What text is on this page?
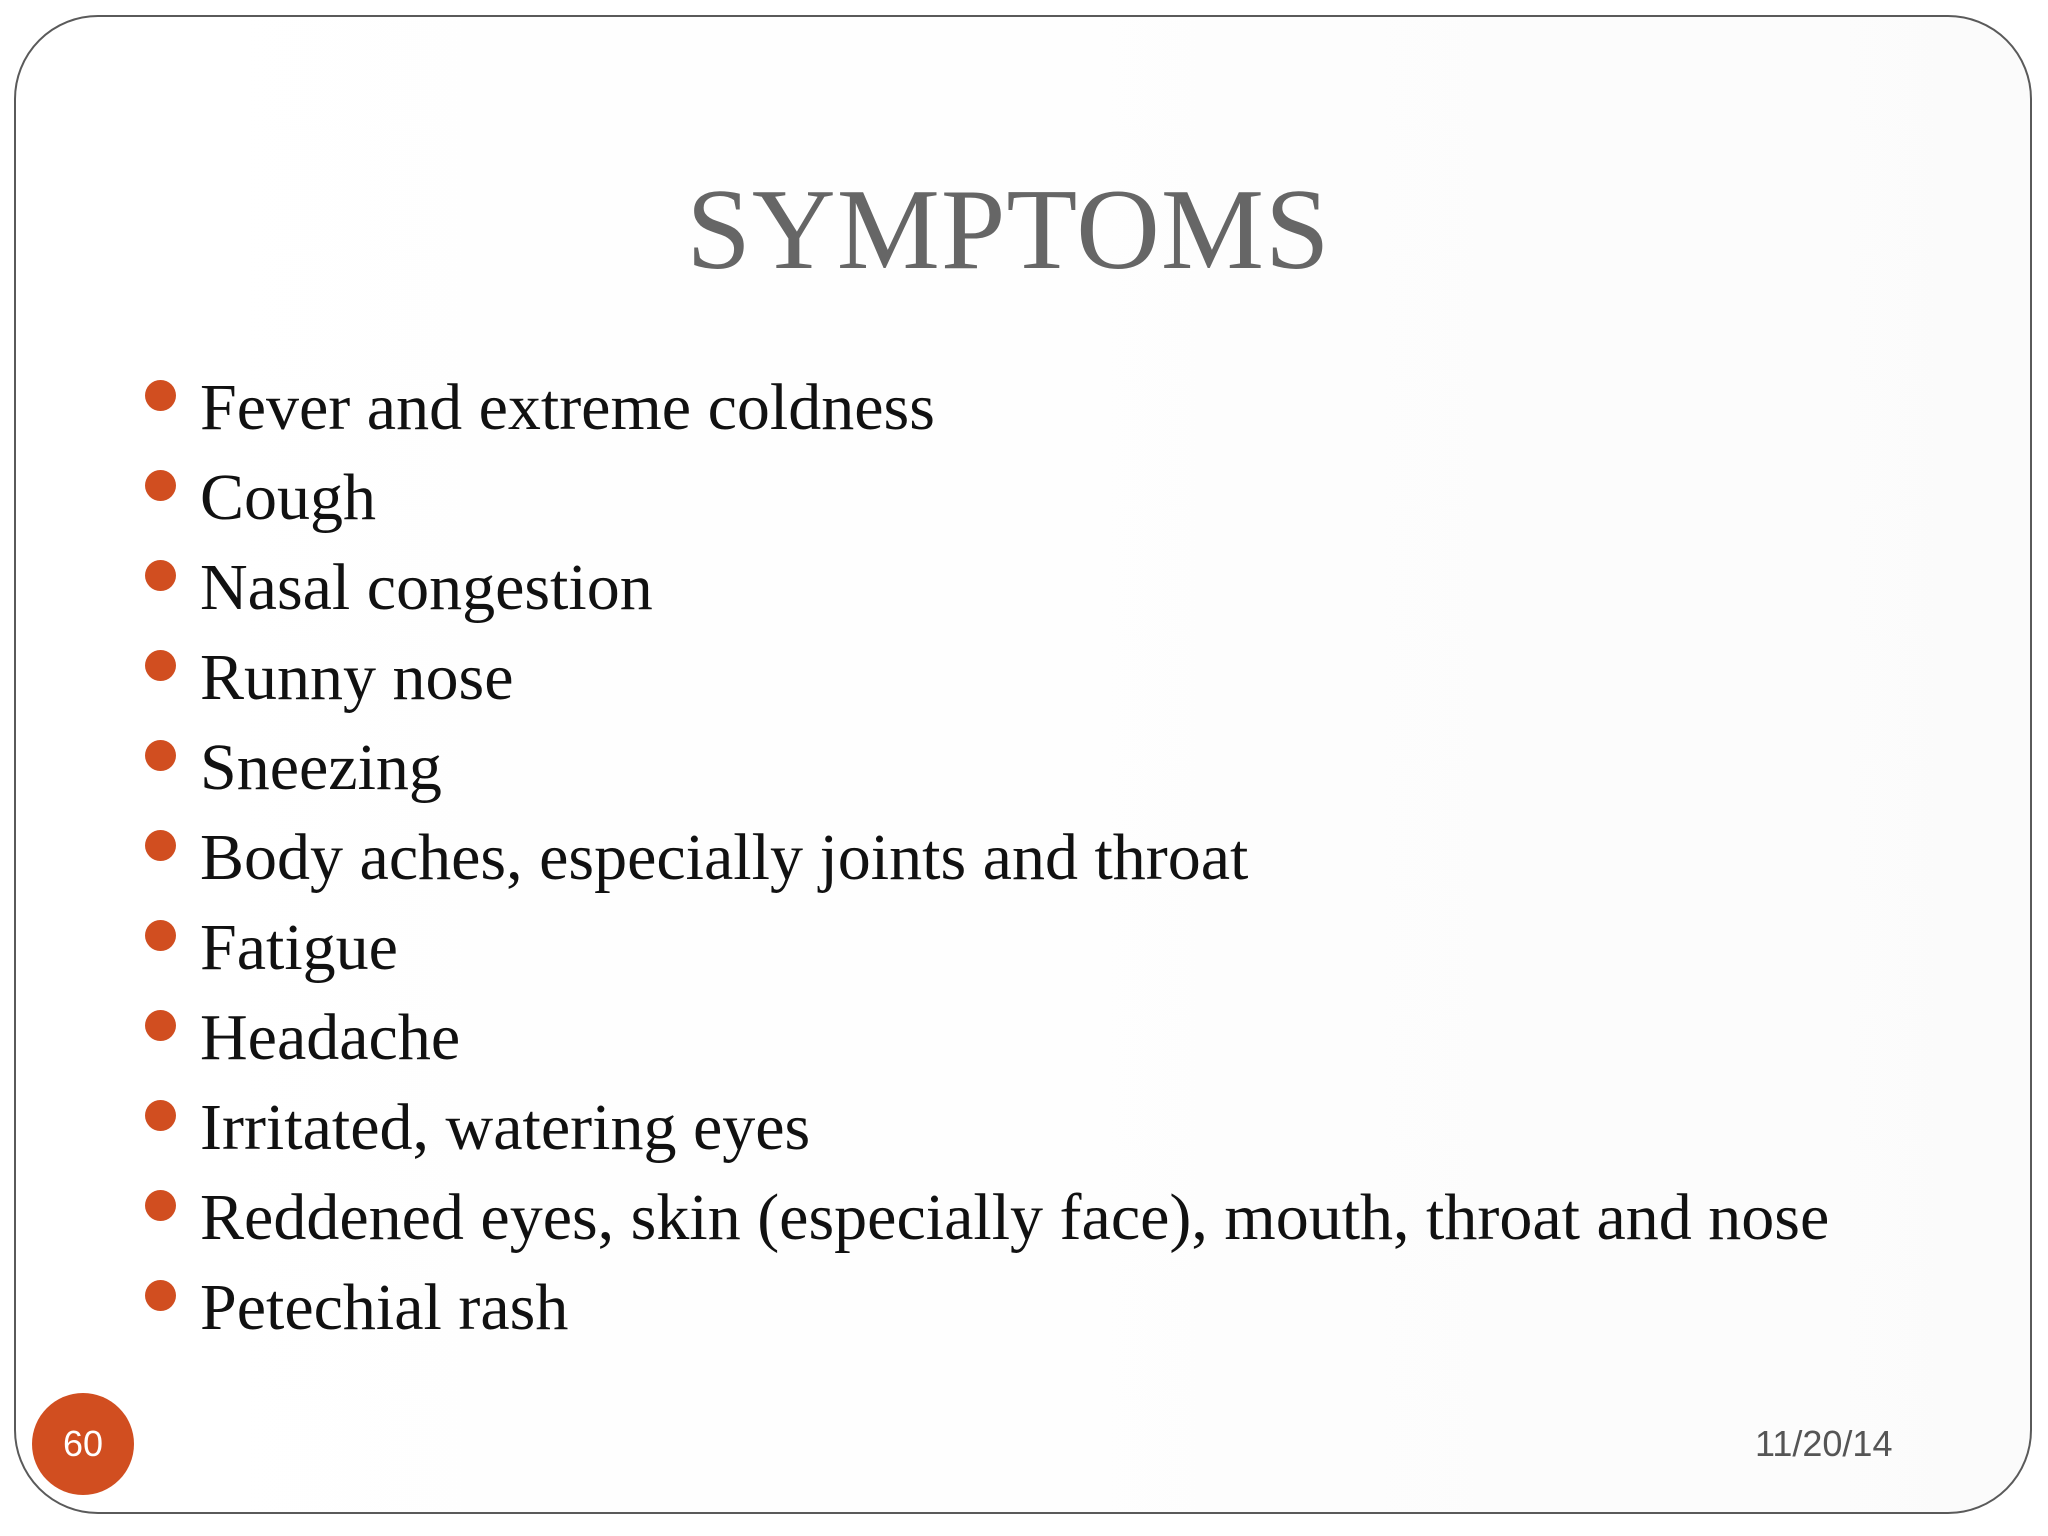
SYMPTOMS
Fever and extreme coldness
Cough
Nasal congestion
Runny nose
Sneezing
Body aches, especially joints and throat
Fatigue
Headache
Irritated, watering eyes
Reddened eyes, skin (especially face), mouth, throat and nose
Petechial rash
60	11/20/14
